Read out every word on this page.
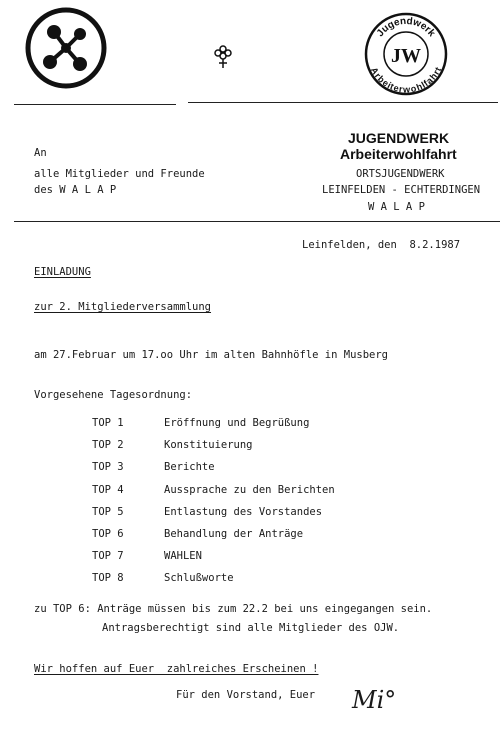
Jugendwerk
Arbeiterwohlfahrt
JW
An
alle Mitglieder und Freunde
des W A L A P
JUGENDWERK
Arbeiterwohlfahrt
ORTSJUGENDWERK
LEINFELDEN - ECHTERDINGEN
W A L A P
Leinfelden, den  8.2.1987
EINLADUNG
zur 2. Mitgliederversammlung
am 27.Februar um 17.oo Uhr im alten Bahnhöfle in Musberg
Vorgesehene Tagesordnung:
TOP 1	Eröffnung und Begrüßung
TOP 2	Konstituierung
TOP 3	Berichte
TOP 4	Aussprache zu den Berichten
TOP 5	Entlastung des Vorstandes
TOP 6	Behandlung der Anträge
TOP 7	WAHLEN
TOP 8	Schlußworte
zu TOP 6: Anträge müssen bis zum 22.2 bei uns eingegangen sein.
Antragsberechtigt sind alle Mitglieder des OJW.
Wir hoffen auf Euer  zahlreiches Erscheinen !
Für den Vorstand, Euer Mi°
